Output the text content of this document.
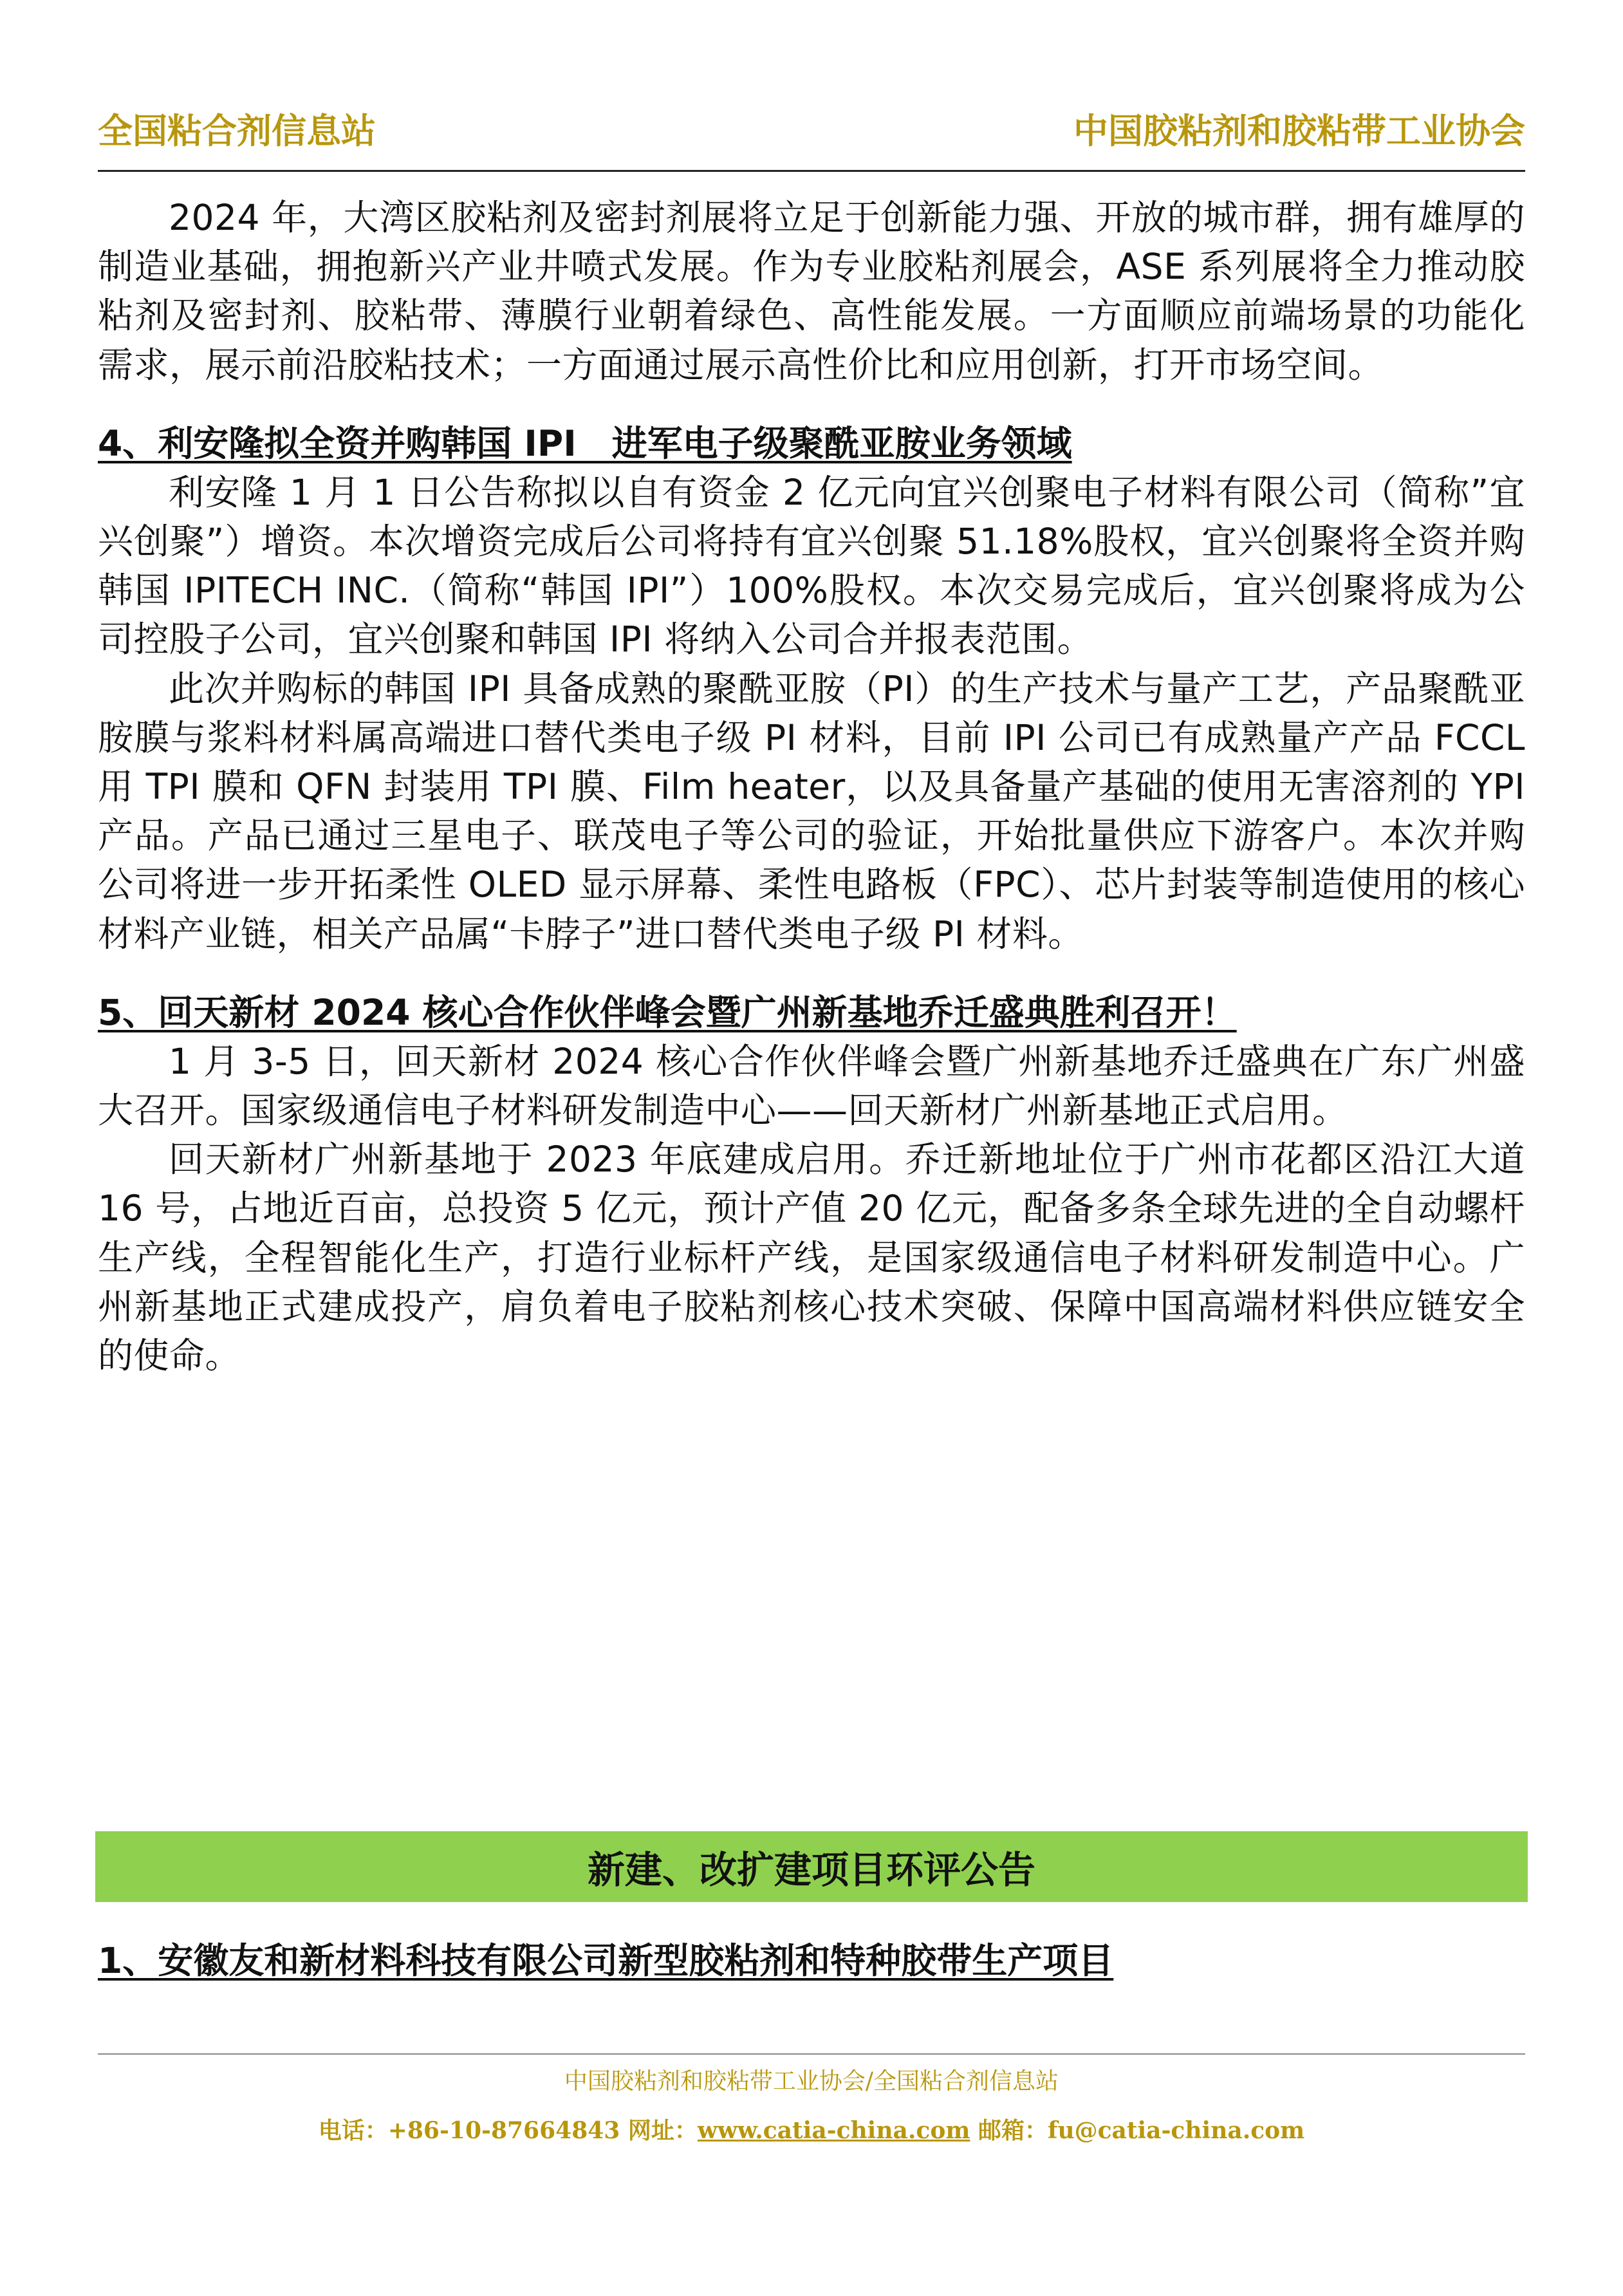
全国粘合剂信息站	中国胶粘剂和胶粘带工业协会

2024 年，大湾区胶粘剂及密封剂展将立足于创新能力强、开放的城市群，拥有雄厚的制造业基础，拥抱新兴产业井喷式发展。作为专业胶粘剂展会，ASE 系列展将全力推动胶粘剂及密封剂、胶粘带、薄膜行业朝着绿色、高性能发展。一方面顺应前端场景的功能化需求，展示前沿胶粘技术；一方面通过展示高性价比和应用创新，打开市场空间。

4、利安隆拟全资并购韩国 IPI　进军电子级聚酰亚胺业务领域

利安隆 1 月 1 日公告称拟以自有资金 2 亿元向宜兴创聚电子材料有限公司（简称”宜兴创聚”）增资。本次增资完成后公司将持有宜兴创聚 51.18%股权，宜兴创聚将全资并购韩国 IPITECH INC.（简称“韩国 IPI”）100%股权。本次交易完成后，宜兴创聚将成为公司控股子公司，宜兴创聚和韩国 IPI 将纳入公司合并报表范围。

此次并购标的韩国 IPI 具备成熟的聚酰亚胺（PI）的生产技术与量产工艺，产品聚酰亚胺膜与浆料材料属高端进口替代类电子级 PI 材料，目前 IPI 公司已有成熟量产产品 FCCL 用 TPI 膜和 QFN 封装用 TPI 膜、Film heater，以及具备量产基础的使用无害溶剂的 YPI 产品。产品已通过三星电子、联茂电子等公司的验证，开始批量供应下游客户。本次并购公司将进一步开拓柔性 OLED 显示屏幕、柔性电路板（FPC）、芯片封装等制造使用的核心材料产业链，相关产品属“卡脖子”进口替代类电子级 PI 材料。

5、回天新材 2024 核心合作伙伴峰会暨广州新基地乔迁盛典胜利召开！

1 月 3-5 日，回天新材 2024 核心合作伙伴峰会暨广州新基地乔迁盛典在广东广州盛大召开。国家级通信电子材料研发制造中心——回天新材广州新基地正式启用。

回天新材广州新基地于 2023 年底建成启用。乔迁新地址位于广州市花都区沿江大道 16 号，占地近百亩，总投资 5 亿元，预计产值 20 亿元，配备多条全球先进的全自动螺杆生产线，全程智能化生产，打造行业标杆产线，是国家级通信电子材料研发制造中心。广州新基地正式建成投产，肩负着电子胶粘剂核心技术突破、保障中国高端材料供应链安全的使命。

新建、改扩建项目环评公告
1、安徽友和新材料科技有限公司新型胶粘剂和特种胶带生产项目
中国胶粘剂和胶粘带工业协会/全国粘合剂信息站
电话：+86-10-87664843 网址：www.catia-china.com 邮箱：fu@catia-china.com
